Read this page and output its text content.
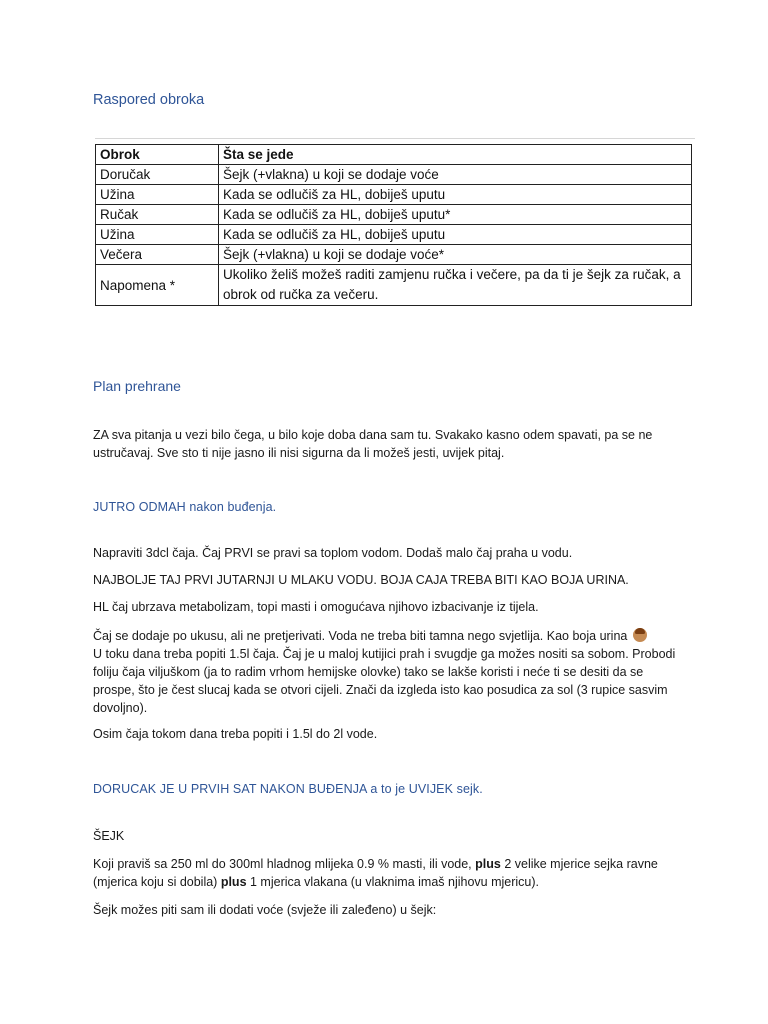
Raspored obroka
Obrok	Šta se jede
Doručak	Šejk (+vlakna) u koji se dodaje voće
Užina	Kada se odlučiš za HL, dobiješ uputu
Ručak	Kada se odlučiš za HL, dobiješ uputu*
Užina	Kada se odlučiš za HL, dobiješ uputu
Večera	Šejk (+vlakna) u koji se dodaje voće*
Napomena *	Ukoliko želiš možeš raditi zamjenu ručka i večere, pa da ti je šejk za ručak, a obrok od ručka za večeru.
Plan prehrane
ZA sva pitanja u vezi bilo čega, u bilo koje doba dana sam tu. Svakako kasno odem spavati, pa se ne ustručavaj. Sve sto ti nije jasno ili nisi sigurna da li možeš jesti, uvijek pitaj.
JUTRO ODMAH nakon buđenja.
Napraviti 3dcl čaja. Čaj PRVI se pravi sa toplom vodom. Dodaš malo čaj praha u vodu.
NAJBOLJE TAJ PRVI JUTARNJI U MLAKU VODU. BOJA CAJA TREBA BITI KAO BOJA URINA.
HL čaj ubrzava metabolizam, topi masti i omogućava njihovo izbacivanje iz tijela.
Čaj se dodaje po ukusu, ali ne pretjerivati. Voda ne treba biti tamna nego svjetlija. Kao boja urina
U toku dana treba popiti 1.5l čaja. Čaj je u maloj kutijici prah i svugdje ga možes nositi sa sobom. Probodi foliju čaja viljuškom (ja to radim vrhom hemijske olovke) tako se lakše koristi i neće ti se desiti da se prospe, što je čest slucaj kada se otvori cijeli. Znači da izgleda isto kao posudica za sol (3 rupice sasvim dovoljno).
Osim čaja tokom dana treba popiti i 1.5l do 2l vode.
DORUCAK JE U PRVIH SAT NAKON BUĐENJA a to je UVIJEK sejk.
ŠEJK
Koji praviš sa 250 ml do 300ml hladnog mlijeka 0.9 % masti, ili vode, plus 2 velike mjerice sejka ravne (mjerica koju si dobila) plus 1 mjerica vlakana (u vlaknima imaš njihovu mjericu).
Šejk možes piti sam ili dodati voće (svježe ili zaleđeno) u šejk:
